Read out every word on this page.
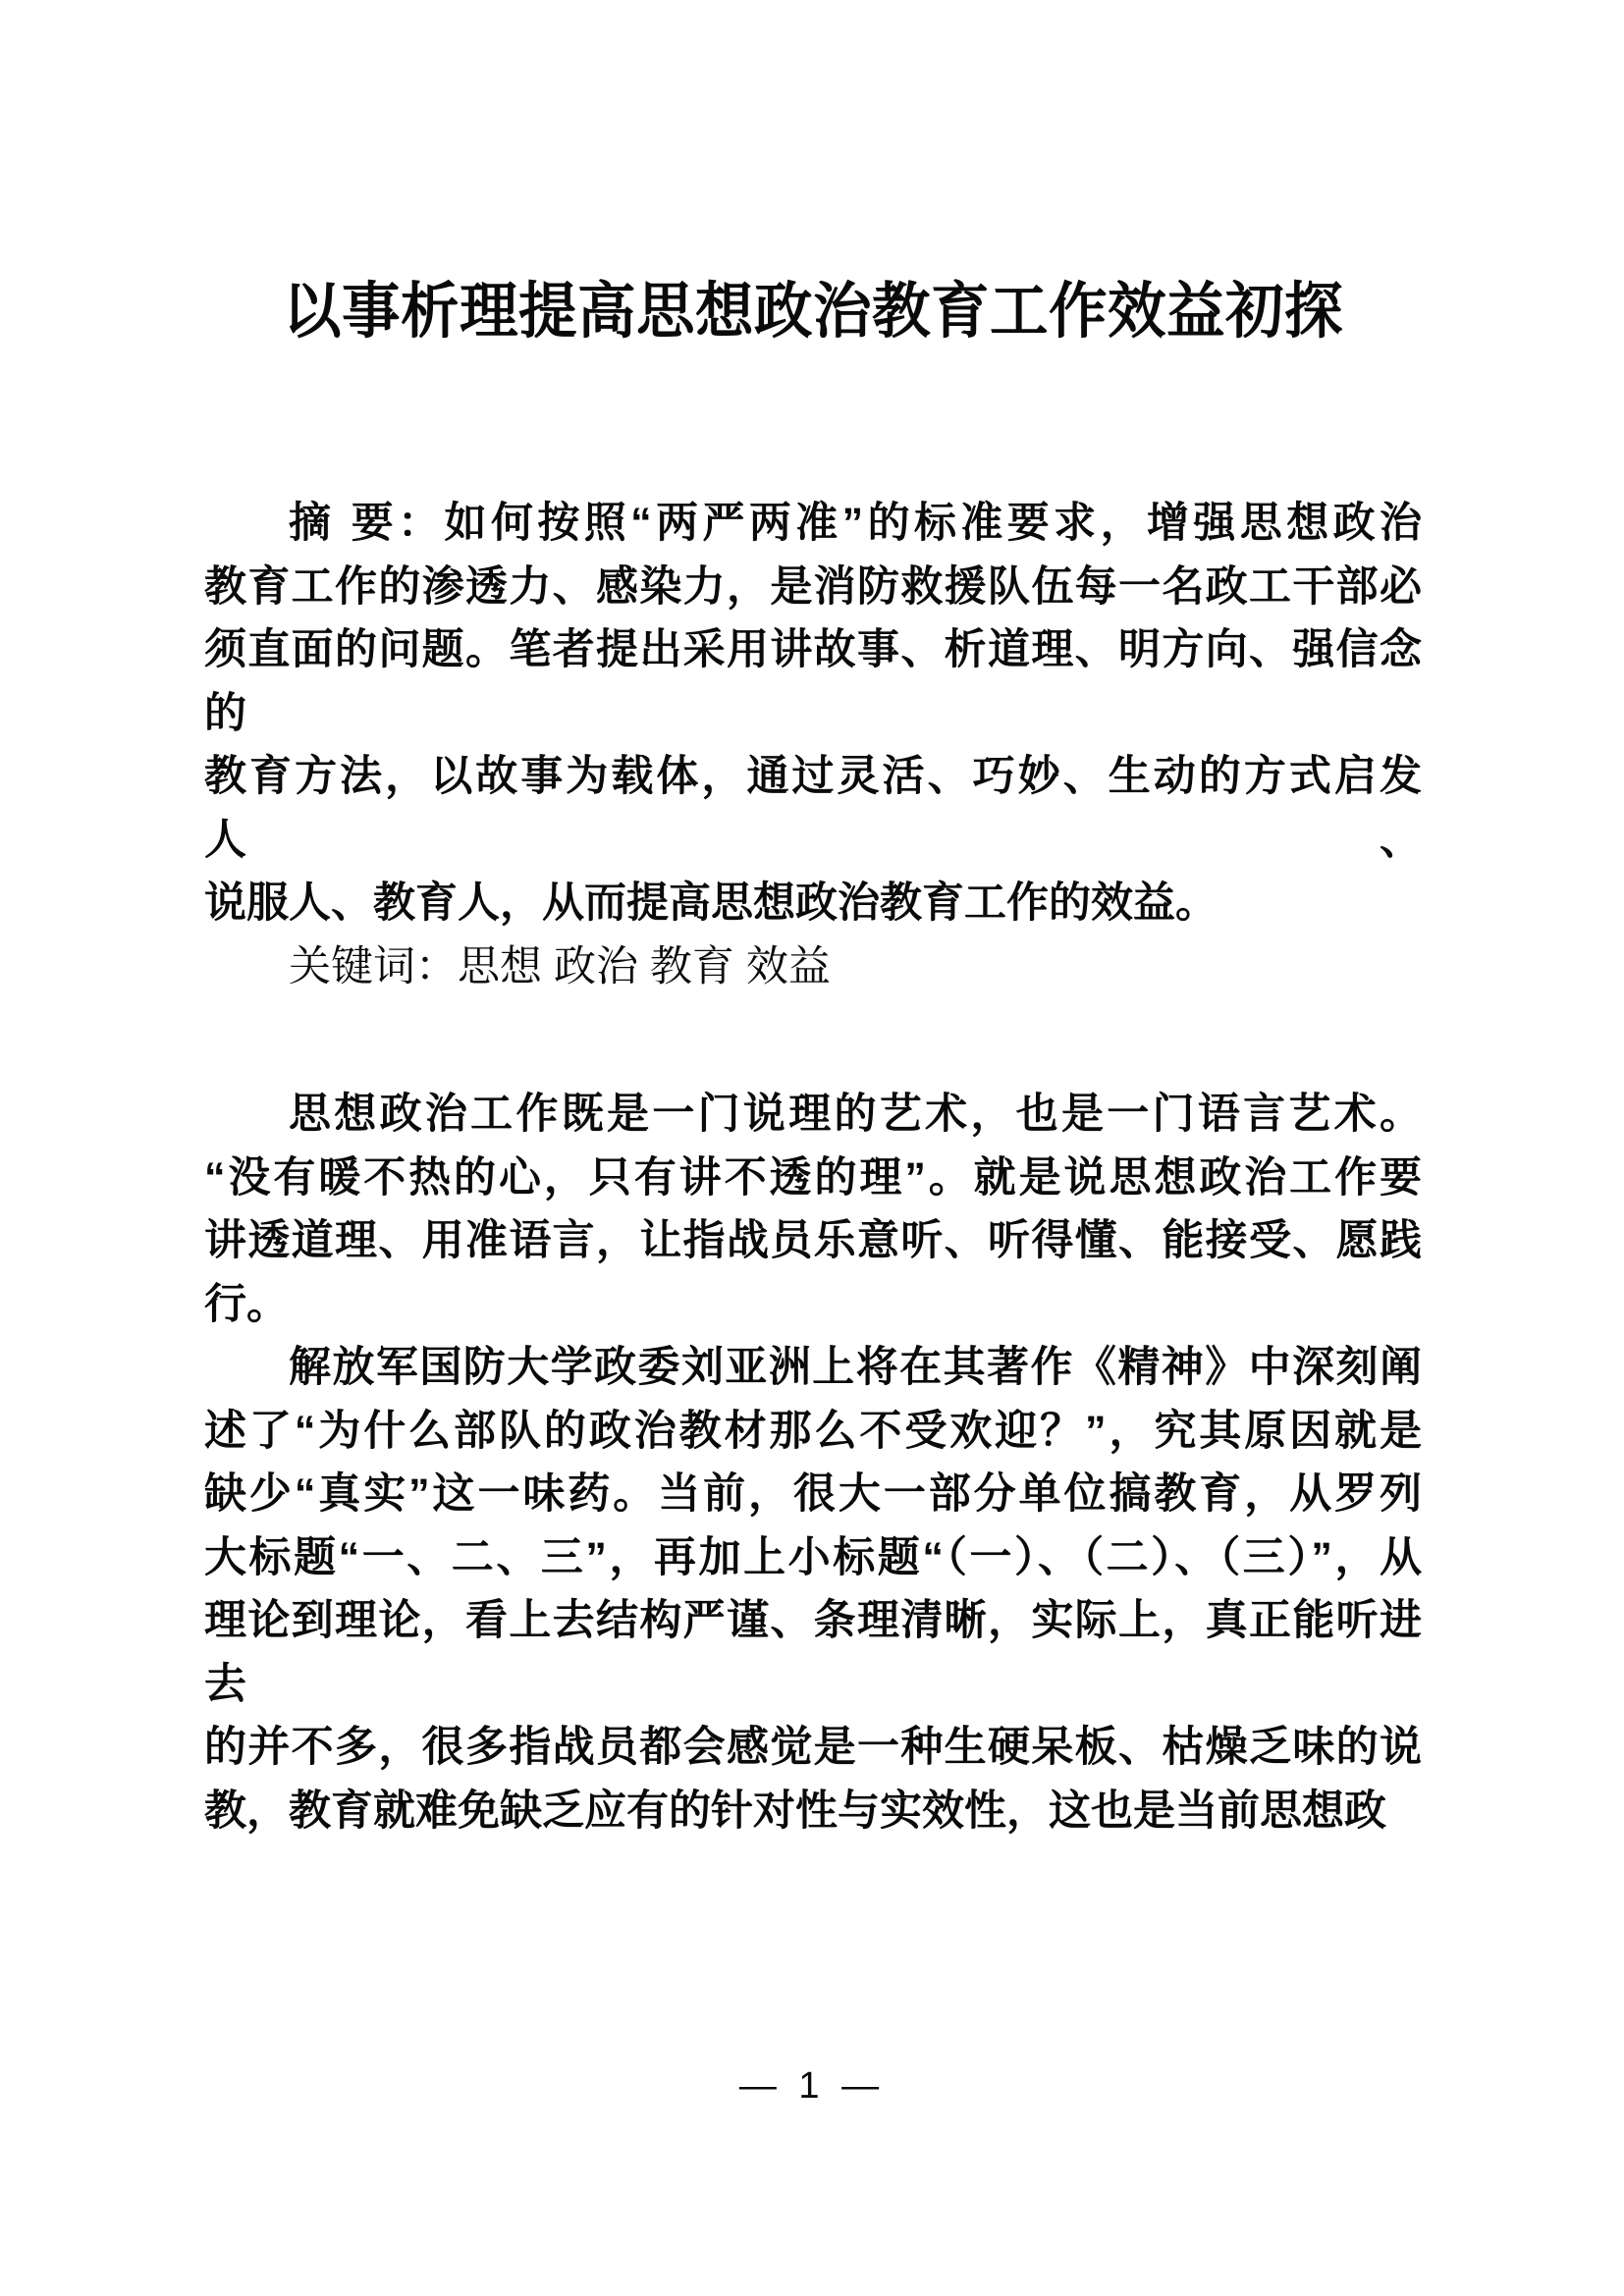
以事析理提高思想政治教育工作效益初探

摘 要：如何按照“两严两准”的标准要求，增强思想政治
教育工作的渗透力、感染力，是消防救援队伍每一名政工干部必
须直面的问题。笔者提出采用讲故事、析道理、明方向、强信念的
教育方法，以故事为载体，通过灵活、巧妙、生动的方式启发人、
说服人、教育人，从而提高思想政治教育工作的效益。

关键词：思想 政治 教育 效益

思想政治工作既是一门说理的艺术，也是一门语言艺术。
“没有暖不热的心，只有讲不透的理”。就是说思想政治工作要
讲透道理、用准语言，让指战员乐意听、听得懂、能接受、愿践行。

解放军国防大学政委刘亚洲上将在其著作《精神》中深刻阐
述了“为什么部队的政治教材那么不受欢迎？”，究其原因就是
缺少“真实”这一味药。当前，很大一部分单位搞教育，从罗列
大标题“一、二、三”，再加上小标题“（一）、（二）、（三）”，从
理论到理论，看上去结构严谨、条理清晰，实际上，真正能听进去
的并不多，很多指战员都会感觉是一种生硬呆板、枯燥乏味的说
教，教育就难免缺乏应有的针对性与实效性，这也是当前思想政

— 1 —
